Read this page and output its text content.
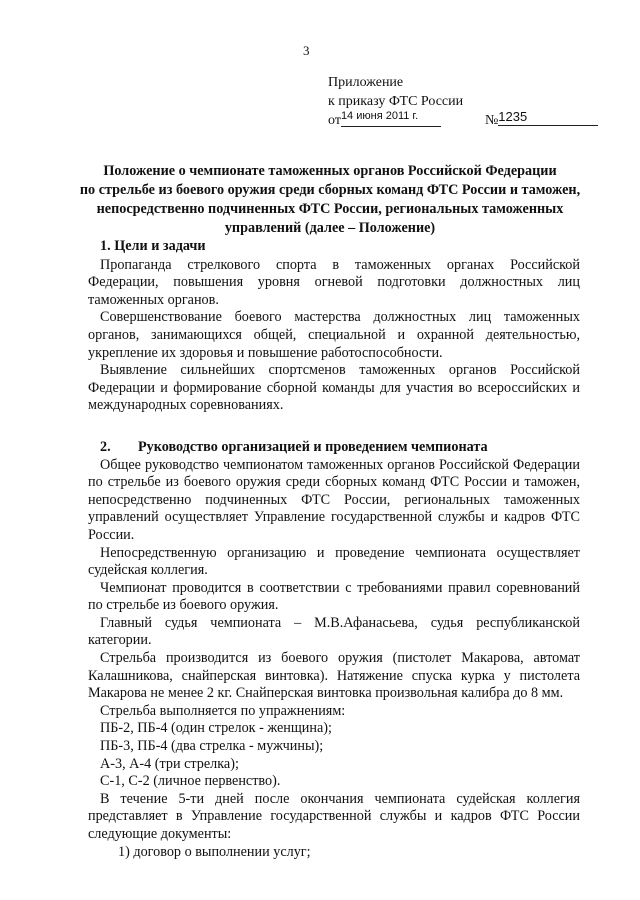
3
Приложение
к приказу ФТС России
$от^{14 июня 2011 г.}$	№1235
Положение о чемпионате таможенных органов Российской Федерации
по стрельбе из боевого оружия среди сборных команд ФТС России и таможен,
непосредственно подчиненных ФТС России, региональных таможенных
управлений (далее – Положение)
1. Цели и задачи

Пропаганда стрелкового спорта в таможенных органах Российской Федерации, повышения уровня огневой подготовки должностных лиц таможенных органов.

Совершенствование боевого мастерства должностных лиц таможенных органов, занимающихся общей, специальной и охранной деятельностью, укрепление их здоровья и повышение работоспособности.

Выявление сильнейших спортсменов таможенных органов Российской Федерации и формирование сборной команды для участия во всероссийских и международных соревнованиях.

2. Руководство организацией и проведением чемпионата

Общее руководство чемпионатом таможенных органов Российской Федерации по стрельбе из боевого оружия среди сборных команд ФТС России и таможен, непосредственно подчиненных ФТС России, региональных таможенных управлений осуществляет Управление государственной службы и кадров ФТС России.

Непосредственную организацию и проведение чемпионата осуществляет судейская коллегия.

Чемпионат проводится в соответствии с требованиями правил соревнований по стрельбе из боевого оружия.

Главный судья чемпионата – М.В.Афанасьева, судья республиканской категории.

Стрельба производится из боевого оружия (пистолет Макарова, автомат Калашникова, снайперская винтовка). Натяжение спуска курка у пистолета Макарова не менее 2 кг. Снайперская винтовка произвольная калибра до 8 мм.

Стрельба выполняется по упражнениям:

ПБ-2, ПБ-4 (один стрелок - женщина);

ПБ-3, ПБ-4 (два стрелка - мужчины);

А-3, А-4 (три стрелка);

С-1, С-2 (личное первенство).

В течение 5-ти дней после окончания чемпионата судейская коллегия представляет в Управление государственной службы и кадров ФТС России следующие документы:

1) договор о выполнении услуг;
